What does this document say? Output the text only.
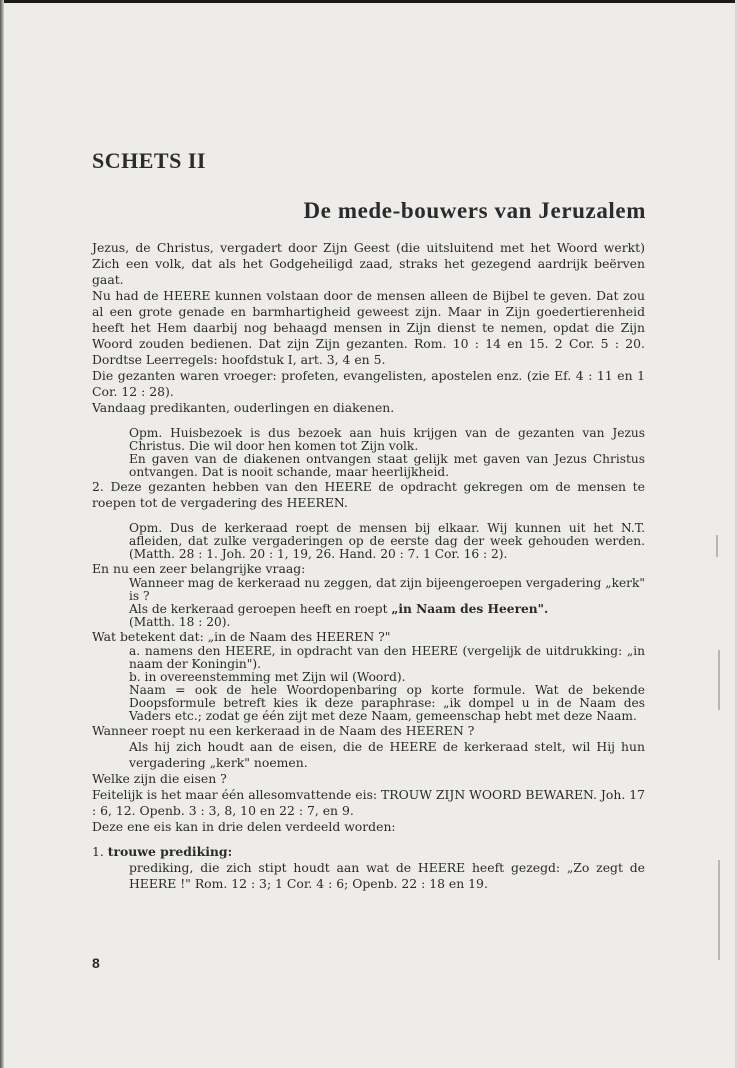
SCHETS II
De mede-bouwers van Jeruzalem

Jezus, de Christus, vergadert door Zijn Geest (die uitsluitend met het Woord werkt) Zich een volk, dat als het Godgeheiligd zaad, straks het gezegend aardrijk beërven gaat.

Nu had de HEERE kunnen volstaan door de mensen alleen de Bijbel te geven. Dat zou al een grote genade en barmhartigheid geweest zijn. Maar in Zijn goedertierenheid heeft het Hem daarbij nog behaagd mensen in Zijn dienst te nemen, opdat die Zijn Woord zouden bedienen. Dat zijn Zijn gezanten. Rom. 10 : 14 en 15. 2 Cor. 5 : 20. Dordtse Leerregels: hoofdstuk I, art. 3, 4 en 5.

Die gezanten waren vroeger: profeten, evangelisten, apostelen enz. (zie Ef. 4 : 11 en 1 Cor. 12 : 28).

Vandaag predikanten, ouderlingen en diakenen.

Opm. Huisbezoek is dus bezoek aan huis krijgen van de gezanten van Jezus Christus. Die wil door hen komen tot Zijn volk.

En gaven van de diakenen ontvangen staat gelijk met gaven van Jezus Christus ontvangen. Dat is nooit schande, maar heerlijkheid.

2. Deze gezanten hebben van den HEERE de opdracht gekregen om de mensen te roepen tot de vergadering des HEEREN.

Opm. Dus de kerkeraad roept de mensen bij elkaar. Wij kunnen uit het N.T. afleiden, dat zulke vergaderingen op de eerste dag der week gehouden werden. (Matth. 28 : 1. Joh. 20 : 1, 19, 26. Hand. 20 : 7. 1 Cor. 16 : 2).

En nu een zeer belangrijke vraag:

Wanneer mag de kerkeraad nu zeggen, dat zijn bijeengeroepen vergadering „kerk" is ?

Als de kerkeraad geroepen heeft en roept „in Naam des Heeren".

(Matth. 18 : 20).

Wat betekent dat: „in de Naam des HEEREN ?"

a. namens den HEERE, in opdracht van den HEERE (vergelijk de uitdrukking: „in naam der Koningin").

b. in overeenstemming met Zijn wil (Woord).

Naam = ook de hele Woordopenbaring op korte formule. Wat de bekende Doopsformule betreft kies ik deze paraphrase: „ik dompel u in de Naam des Vaders etc.; zodat ge één zijt met deze Naam, gemeenschap hebt met deze Naam.

Wanneer roept nu een kerkeraad in de Naam des HEEREN ?

Als hij zich houdt aan de eisen, die de HEERE de kerkeraad stelt, wil Hij hun vergadering „kerk" noemen.

Welke zijn die eisen ?

Feitelijk is het maar één allesomvattende eis: TROUW ZIJN WOORD BEWAREN. Joh. 17 : 6, 12. Openb. 3 : 3, 8, 10 en 22 : 7, en 9.

Deze ene eis kan in drie delen verdeeld worden:

1. trouwe prediking:

prediking, die zich stipt houdt aan wat de HEERE heeft gezegd: „Zo zegt de HEERE !" Rom. 12 : 3; 1 Cor. 4 : 6; Openb. 22 : 18 en 19.

8
